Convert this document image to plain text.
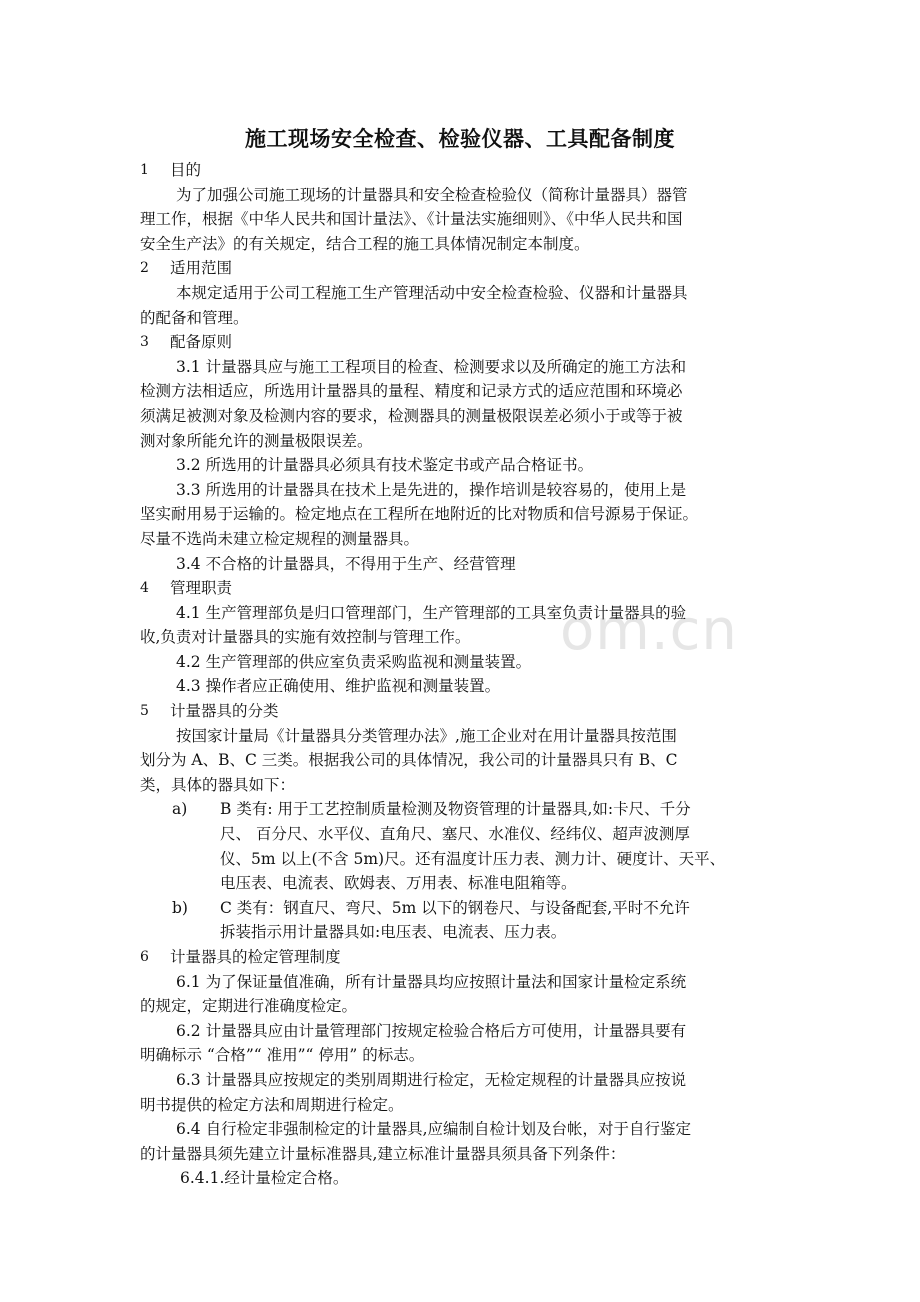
om.cn
施工现场安全检查、检验仪器、工具配备制度
1	目的
为了加强公司施工现场的计量器具和安全检查检验仪（简称计量器具）器管
理工作，根据《中华人民共和国计量法》、《计量法实施细则》、《中华人民共和国
安全生产法》的有关规定，结合工程的施工具体情况制定本制度。
2	适用范围
本规定适用于公司工程施工生产管理活动中安全检查检验、仪器和计量器具
的配备和管理。
3	配备原则
3.1 计量器具应与施工工程项目的检查、检测要求以及所确定的施工方法和
检测方法相适应，所选用计量器具的量程、精度和记录方式的适应范围和环境必
须满足被测对象及检测内容的要求，检测器具的测量极限误差必须小于或等于被
测对象所能允许的测量极限误差。
3.2 所选用的计量器具必须具有技术鉴定书或产品合格证书。
3.3 所选用的计量器具在技术上是先进的，操作培训是较容易的，使用上是
坚实耐用易于运输的。检定地点在工程所在地附近的比对物质和信号源易于保证。
尽量不选尚未建立检定规程的测量器具。
3.4 不合格的计量器具，不得用于生产、经营管理
4	管理职责
4.1 生产管理部负是归口管理部门，生产管理部的工具室负责计量器具的验
收,负责对计量器具的实施有效控制与管理工作。
4.2 生产管理部的供应室负责采购监视和测量装置。
4.3 操作者应正确使用、维护监视和测量装置。
5	计量器具的分类
按国家计量局《计量器具分类管理办法》,施工企业对在用计量器具按范围
划分为 A、B、C 三类。根据我公司的具体情况，我公司的计量器具只有 B、C
类，具体的器具如下：
a)	B 类有: 用于工艺控制质量检测及物资管理的计量器具,如:卡尺、千分
尺、 百分尺、水平仪、直角尺、塞尺、水准仪、经纬仪、超声波测厚
仪、5m 以上(不含 5m)尺。还有温度计压力表、测力计、硬度计、天平、
电压表、电流表、欧姆表、万用表、标准电阻箱等。
b)	C 类有：钢直尺、弯尺、5m 以下的钢卷尺、与设备配套,平时不允许
拆装指示用计量器具如:电压表、电流表、压力表。
6	计量器具的检定管理制度
6.1 为了保证量值准确，所有计量器具均应按照计量法和国家计量检定系统
的规定，定期进行准确度检定。
6.2 计量器具应由计量管理部门按规定检验合格后方可使用，计量器具要有
明确标示 “合格”“ 准用”“ 停用” 的标志。
6.3 计量器具应按规定的类别周期进行检定，无检定规程的计量器具应按说
明书提供的检定方法和周期进行检定。
6.4 自行检定非强制检定的计量器具,应编制自检计划及台帐，对于自行鉴定
的计量器具须先建立计量标准器具,建立标准计量器具须具备下列条件：
6.4.1.经计量检定合格。
